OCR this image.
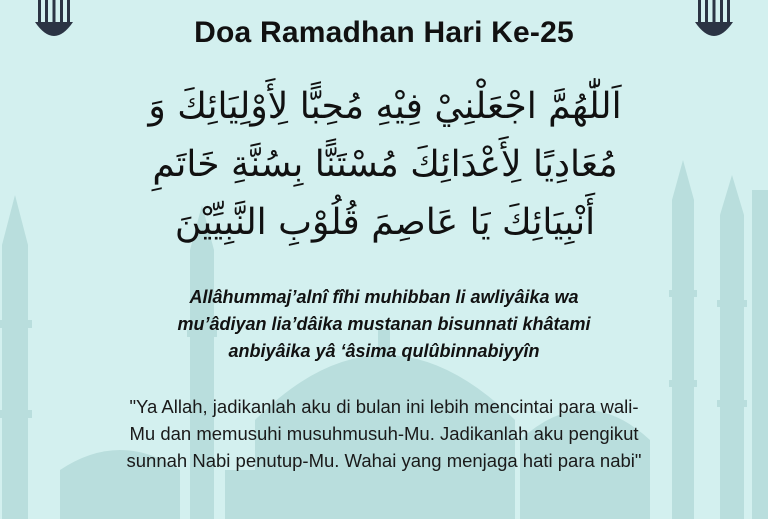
Doa Ramadhan Hari Ke-25
اَللّٰهُمَّ اجْعَلْنِيْ فِيْهِ مُحِبًّا لِأَوْلِيَائِكَ وَ مُعَادِيًا لِأَعْدَائِكَ مُسْتَنًّا بِسُنَّةِ خَاتَمِ أَنْبِيَائِكَ يَا عَاصِمَ قُلُوْبِ النَّبِيِّيْنَ
Allâhummaj’alnî fîhi muhibban li awliyâika wa
mu’âdiyan lia’dâika mustanan bisunnati khâtami
anbiyâika yâ ‘âsima qulûbinnabiyyîn
"Ya Allah, jadikanlah aku di bulan ini lebih mencintai para wali-
Mu dan memusuhi musuhmusuh-Mu. Jadikanlah aku pengikut
sunnah Nabi penutup-Mu. Wahai yang menjaga hati para nabi"
